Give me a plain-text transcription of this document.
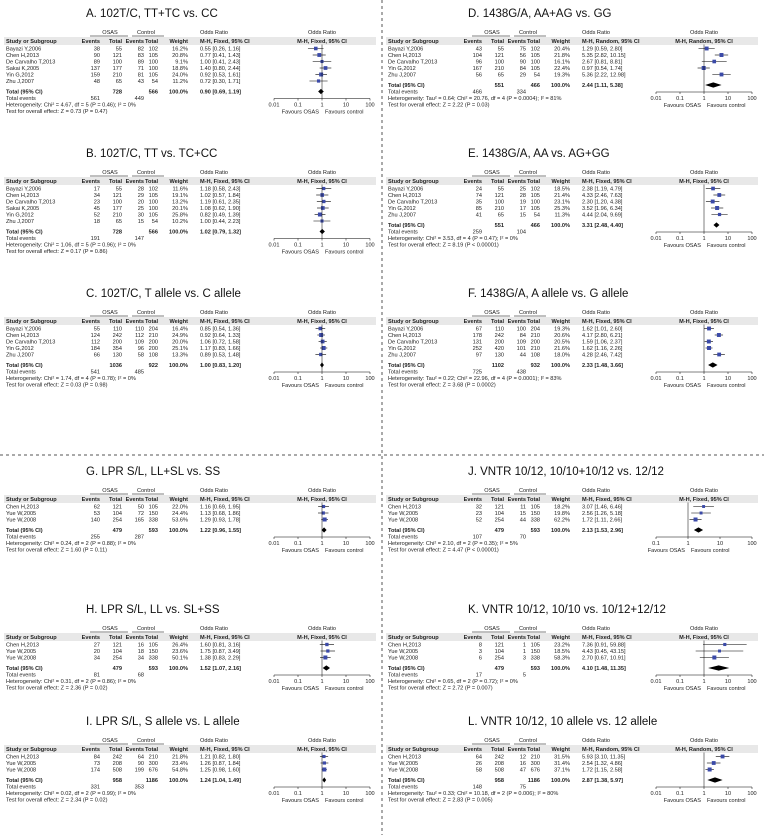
A. 102T/C, TT+TC vs. CC
OSAS	Control	Odds Ratio	Odds Ratio
Study or Subgroup	Events Total Events Total Weight M-H, Fixed, 95% CI	M-H, Fixed, 95% CI
Bayazi Y,2006	38	55	82 102	16.2% 0.55 [0.26, 1.16]
Chen H,2013	90 121	83 105	20.8% 0.77 [0.41, 1.43]
De Carvalho T,2013	89 100	89 100	9.1% 1.00 [0.41, 2.43]
Sakai K,2005	137 177	71 100	18.8% 1.40 [0.80, 2.44]
Yin G,2012	159 210	81 105	24.0% 0.92 [0.53, 1.61]
Zhu J,2007	48	65	43 54	11.2% 0.72 [0.30, 1.71]
Total (95% CI)	728	566 100.0% 0.90 [0.69, 1.19]
Total events	561	449
Heterogeneity: Chi² = 4.67, df = 5 (P = 0.46); I² = 0%
Test for overall effect: Z = 0.73 (P = 0.47)
0.01	0.1	1	10	100
Favours OSAS Favours control
B. 102T/C, TT vs. TC+CC
OSAS	Control	Odds Ratio	Odds Ratio
Study or Subgroup	Events Total Events Total Weight M-H, Fixed, 95% CI	M-H, Fixed, 95% CI
Bayazi Y,2006	17	55	28 102	11.6% 1.18 [0.58, 2.43]
Chen H,2013	34 121	29 105	19.1% 1.02 [0.57, 1.84]
De Carvalho T,2013	23 100	20 100	13.2% 1.19 [0.61, 2.35]
Sakai K,2005	45 177	25 100	20.1% 1.08 [0.62, 1.90]
Yin G,2012	52 210	30 105	25.8% 0.82 [0.49, 1.39]
Zhu J,2007	18	65	15 54	10.2% 1.00 [0.44, 2.23]
Total (95% CI)	728	566 100.0% 1.02 [0.79, 1.32]
Total events	191	147
Heterogeneity: Chi² = 1.06, df = 5 (P = 0.96); I² = 0%
Test for overall effect: Z = 0.17 (P = 0.86)
0.01	0.1	1	10	100
Favours OSAS Favours control
C. 102T/C, T allele vs. C allele
OSAS	Control	Odds Ratio	Odds Ratio
Study or Subgroup	Events Total Events Total Weight M-H, Fixed, 95% CI	M-H, Fixed, 95% CI
Bayazi Y,2006	55 110 110 204	16.4% 0.85 [0.54, 1.36]
Chen H,2013	124 242 112 210	24.9% 0.92 [0.64, 1.33]
De Carvalho T,2013	112 200 109 200	20.0% 1.06 [0.72, 1.58]
Yin G,2012	184 354	96 200	25.1% 1.17 [0.83, 1.66]
Zhu J,2007	66 130	58 108	13.3% 0.89 [0.53, 1.48]
Total (95% CI)	1036	922 100.0% 1.00 [0.83, 1.20]
Total events	541	485
Heterogeneity: Chi² = 1.74, df = 4 (P = 0.78); I² = 0%
Test for overall effect: Z = 0.03 (P = 0.98)
0.01	0.1	1	10	100
Favours OSAS Favours control
D. 1438G/A, AA+AG vs. GG
OSAS	Control	Odds Ratio	Odds Ratio
Study or Subgroup	Events Total Events Total Weight M-H, Random, 95% CI	M-H, Random, 95% CI
Bayazi Y,2006	43	55	75 102	20.4% 1.29 [0.59, 2.80]
Chen H,2013	104 121	56 105	21.8% 5.35 [2.82, 10.15]
De Carvalho T,2013	96 100	90 100	16.1% 2.67 [0.81, 8.81]
Yin G,2012	167 210	84 105	22.4% 0.97 [0.54, 1.74]
Zhu J,2007	56	65	29 54	19.3% 5.36 [2.22, 12.98]
Total (95% CI)	551	466 100.0% 2.44 [1.11, 5.38]
Total events	466	334
Heterogeneity: Tau² = 0.64; Chi² = 20.76, df = 4 (P = 0.0004); I² = 81%
Test for overall effect: Z = 2.22 (P = 0.03)
0.01	0.1	1	10	100
Favours OSAS Favours control
E. 1438G/A, AA vs. AG+GG
OSAS	Control	Odds Ratio	Odds Ratio
Study or Subgroup	Events Total Events Total Weight M-H, Fixed, 95% CI	M-H, Fixed, 95% CI
Bayazi Y,2006	24	55	25 102	18.5% 2.38 [1.19, 4.79]
Chen H,2013	74 121	28 105	21.4% 4.33 [2.46, 7.63]
De Carvalho T,2013	35 100	19 100	23.1% 2.30 [1.20, 4.38]
Yin G,2012	85 210	17 105	25.3% 3.52 [1.96, 6.34]
Zhu J,2007	41	65	15 54	11.3% 4.44 [2.04, 9.69]
Total (95% CI)	551	466 100.0% 3.31 [2.48, 4.40]
Total events	259	104
Heterogeneity: Chi² = 3.53, df = 4 (P = 0.47); I² = 0%
Test for overall effect: Z = 8.19 (P < 0.00001)
0.01	0.1	1	10	100
Favours OSAS Favours control
F. 1438G/A, A allele vs. G allele
OSAS	Control	Odds Ratio	Odds Ratio
Study or Subgroup	Events Total Events Total Weight M-H, Fixed, 95% CI	M-H, Fixed, 95% CI
Bayazi Y,2006	67 110 100 204	19.3% 1.62 [1.01, 2.60]
Chen H,2013	178 242	84 210	20.6% 4.17 [2.80, 6.21]
De Carvalho T,2013	131 200 109 200	20.5% 1.59 [1.06, 2.37]
Yin G,2012	252 420 101 210	21.6% 1.62 [1.16, 2.26]
Zhu J,2007	97 130	44 108	18.0% 4.28 [2.46, 7.42]
Total (95% CI)	1102	932 100.0% 2.33 [1.48, 3.66]
Total events	725	438
Heterogeneity: Tau² = 0.22; Chi² = 22.96, df = 4 (P = 0.0001); I² = 83%
Test for overall effect: Z = 3.68 (P = 0.0002)
0.01	0.1	1	10	100
Favours OSAS Favours control
G. LPR S/L, LL+SL vs. SS
OSAS	Control	Odds Ratio	Odds Ratio
Study or Subgroup	Events Total Events Total Weight M-H, Fixed, 95% CI	M-H, Fixed, 95% CI
Chen H,2013	62 121	50 105	22.0% 1.16 [0.69, 1.95]
Yue W,2005	53 104	72 150	24.4% 1.13 [0.68, 1.86]
Yue W,2008	140 254 165 338	53.6% 1.29 [0.93, 1.78]
Total (95% CI)	479	593 100.0% 1.22 [0.96, 1.55]
Total events	255	287
Heterogeneity: Chi² = 0.24, df = 2 (P = 0.88); I² = 0%
Test for overall effect: Z = 1.60 (P = 0.11)
0.01	0.1	1	10	100
Favours OSAS Favours control
H. LPR S/L, LL vs. SL+SS
OSAS	Control	Odds Ratio	Odds Ratio
Study or Subgroup	Events Total Events Total Weight M-H, Fixed, 95% CI	M-H, Fixed, 95% CI
Chen H,2013	27 121	16 105	26.4% 1.60 [0.81, 3.16]
Yue W,2005	20 104	18 150	23.6% 1.75 [0.87, 3.49]
Yue W,2008	34 254	34 338	50.1% 1.38 [0.83, 2.29]
Total (95% CI)	479	593 100.0% 1.52 [1.07, 2.16]
Total events	81	68
Heterogeneity: Chi² = 0.31, df = 2 (P = 0.86); I² = 0%
Test for overall effect: Z = 2.36 (P = 0.02)
0.01	0.1	1	10	100
Favours OSAS Favours control
I. LPR S/L, S allele vs. L allele
OSAS	Control	Odds Ratio	Odds Ratio
Study or Subgroup	Events Total Events Total Weight M-H, Fixed, 95% CI	M-H, Fixed, 95% CI
Chen H,2013	84 242	64 210	21.8% 1.21 [0.82, 1.80]
Yue W,2005	73 208	90 300	23.4% 1.26 [0.87, 1.84]
Yue W,2008	174 508 199 676	54.8% 1.25 [0.98, 1.60]
Total (95% CI)	958	1186 100.0% 1.24 [1.04, 1.49]
Total events	331	353
Heterogeneity: Chi² = 0.02, df = 2 (P = 0.99); I² = 0%
Test for overall effect: Z = 2.34 (P = 0.02)
0.01	0.1	1	10	100
Favours OSAS Favours control
J. VNTR 10/12, 10/10+10/12 vs. 12/12
OSAS	Control	Odds Ratio	Odds Ratio
Study or Subgroup	Events Total Events Total Weight M-H, Fixed, 95% CI	M-H, Fixed, 95% CI
Chen H,2013	32 121	11 105	18.2% 3.07 [1.46, 6.46]
Yue W,2005	23 104	15 150	19.8% 2.56 [1.26, 5.18]
Yue W,2008	52 254	44 338	62.2% 1.72 [1.11, 2.66]
Total (95% CI)	479	593 100.0% 2.13 [1.53, 2.96]
Total events	107	70
Heterogeneity: Chi² = 2.10, df = 2 (P = 0.35); I² = 5%
Test for overall effect: Z = 4.47 (P < 0.00001)
0.1	1	10	100
Favours OSAS Favours control
K. VNTR 10/12, 10/10 vs. 10/12+12/12
OSAS	Control	Odds Ratio	Odds Ratio
Study or Subgroup	Events Total Events Total Weight M-H, Fixed, 95% CI	M-H, Fixed, 95% CI
Chen H,2013	8 121	1 105	23.2% 7.36 [0.91, 59.88]
Yue W,2005	3 104	1 150	18.5% 4.43 [0.45, 43.15]
Yue W,2008	6 254	3 338	58.3% 2.70 [0.67, 10.91]
Total (95% CI)	479	593 100.0% 4.10 [1.48, 11.35]
Total events	17	5
Heterogeneity: Chi² = 0.65, df = 2 (P = 0.72); I² = 0%
Test for overall effect: Z = 2.72 (P = 0.007)
0.01	0.1	1	10	100
Favours OSAS Favours control
L. VNTR 10/12, 10 allele vs. 12 allele
OSAS	Control	Odds Ratio	Odds Ratio
Study or Subgroup	Events Total Events Total Weight M-H, Random, 95% CI	M-H, Random, 95% CI
Chen H,2013	64 242	12 210	31.5% 5.93 [3.10, 11.35]
Yue W,2005	26 208	16 300	31.4% 2.54 [1.32, 4.86]
Yue W,2008	58 508	47 676	37.1% 1.72 [1.15, 2.58]
Total (95% CI)	958	1186 100.0% 2.87 [1.38, 5.97]
Total events	148	75
Heterogeneity: Tau² = 0.33; Chi² = 10.18, df = 2 (P = 0.006); I² = 80%
Test for overall effect: Z = 2.83 (P = 0.005)
0.01	0.1	1	10	100
Favours OSAS Favours control
